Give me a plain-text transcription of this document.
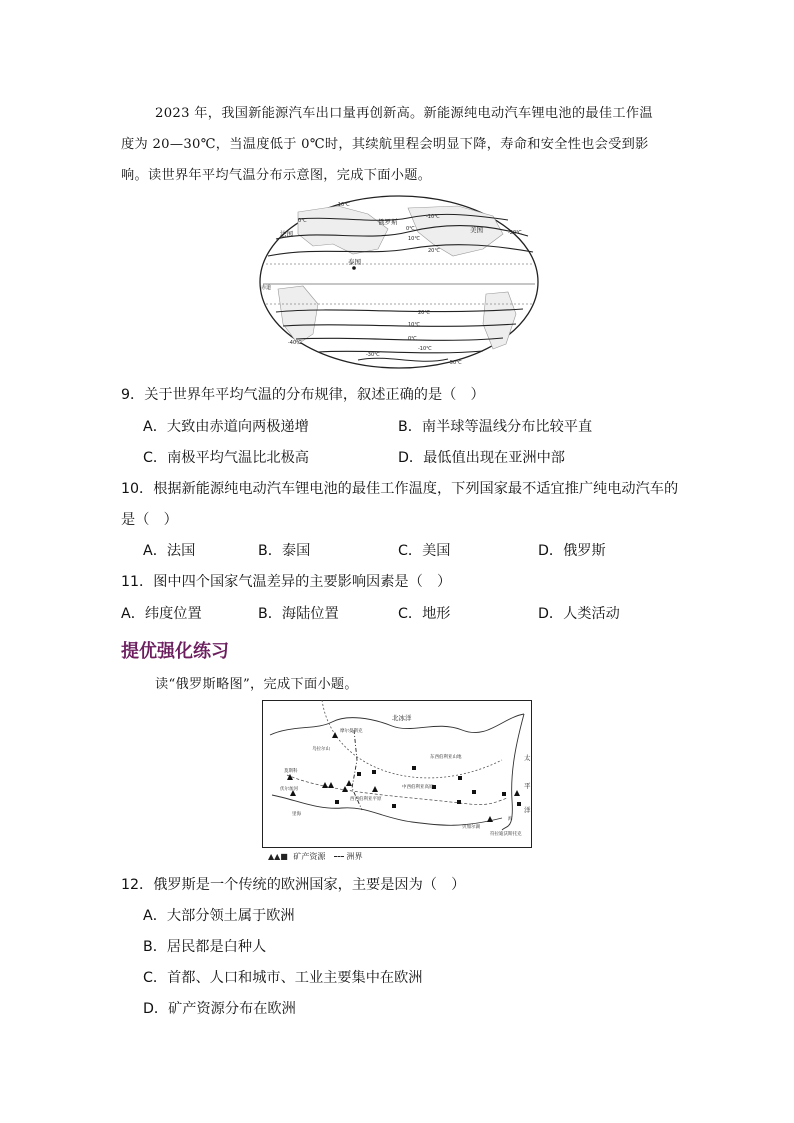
2023 年，我国新能源汽车出口量再创新高。新能源纯电动汽车锂电池的最佳工作温
度为 20—30℃，当温度低于 0℃时，其续航里程会明显下降，寿命和安全性也会受到影
响。读世界年平均气温分布示意图，完成下面小题。
俄罗斯
法国	美国
泰国
赤道
-10℃
-10℃
0℃
0℃
10℃
20℃
-20℃
20℃
10℃
0℃
-10℃
-30℃
-40℃
-50℃
9．关于世界年平均气温的分布规律，叙述正确的是（　）
A．大致由赤道向两极递增	B．南半球等温线分布比较平直
C．南极平均气温比北极高	D．最低值出现在亚洲中部
10．根据新能源纯电动汽车锂电池的最佳工作温度，下列国家最不适宜推广纯电动汽车的
是（　）
A．法国	B．泰国	C．美国	D．俄罗斯
11．图中四个国家气温差异的主要影响因素是（　）
A．纬度位置	B．海陆位置	C．地形	D．人类活动
提优强化练习
读“俄罗斯略图”，完成下面小题。
北冰洋
太
平
洋
摩尔曼斯克
莫斯科
西西伯利亚平原
中西伯利亚高原
东西伯利亚山地
乌拉尔山
伏尔加河
里海
贝加尔湖
符拉迪沃斯托克
海
▲▲■ 矿产资源	洲界
12．俄罗斯是一个传统的欧洲国家，主要是因为（　）
A．大部分领土属于欧洲
B．居民都是白种人
C．首都、人口和城市、工业主要集中在欧洲
D．矿产资源分布在欧洲
